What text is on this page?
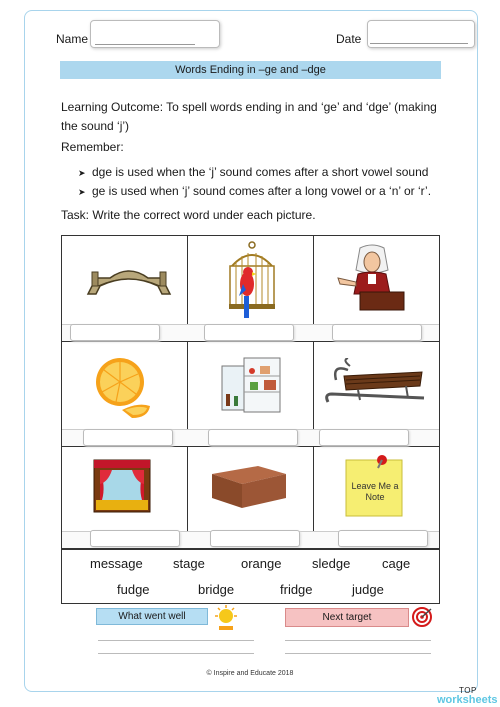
Name	Date
Words Ending in –ge and –dge
Learning Outcome: To spell words ending in and ‘ge’ and ‘dge’ (making the sound ‘j’)
Remember:
➤ dge is used when the ‘j’ sound comes after a short vowel sound
➤ ge is used when ‘j’ sound comes after a long vowel or a ‘n’ or ‘r’.
Task: Write the correct word under each picture.
Leave Me a Note
message stage	orange sledge cage
fudge	bridge	fridge	judge
What went well	Next target
© Inspire and Educate 2018
TOP
worksheets
